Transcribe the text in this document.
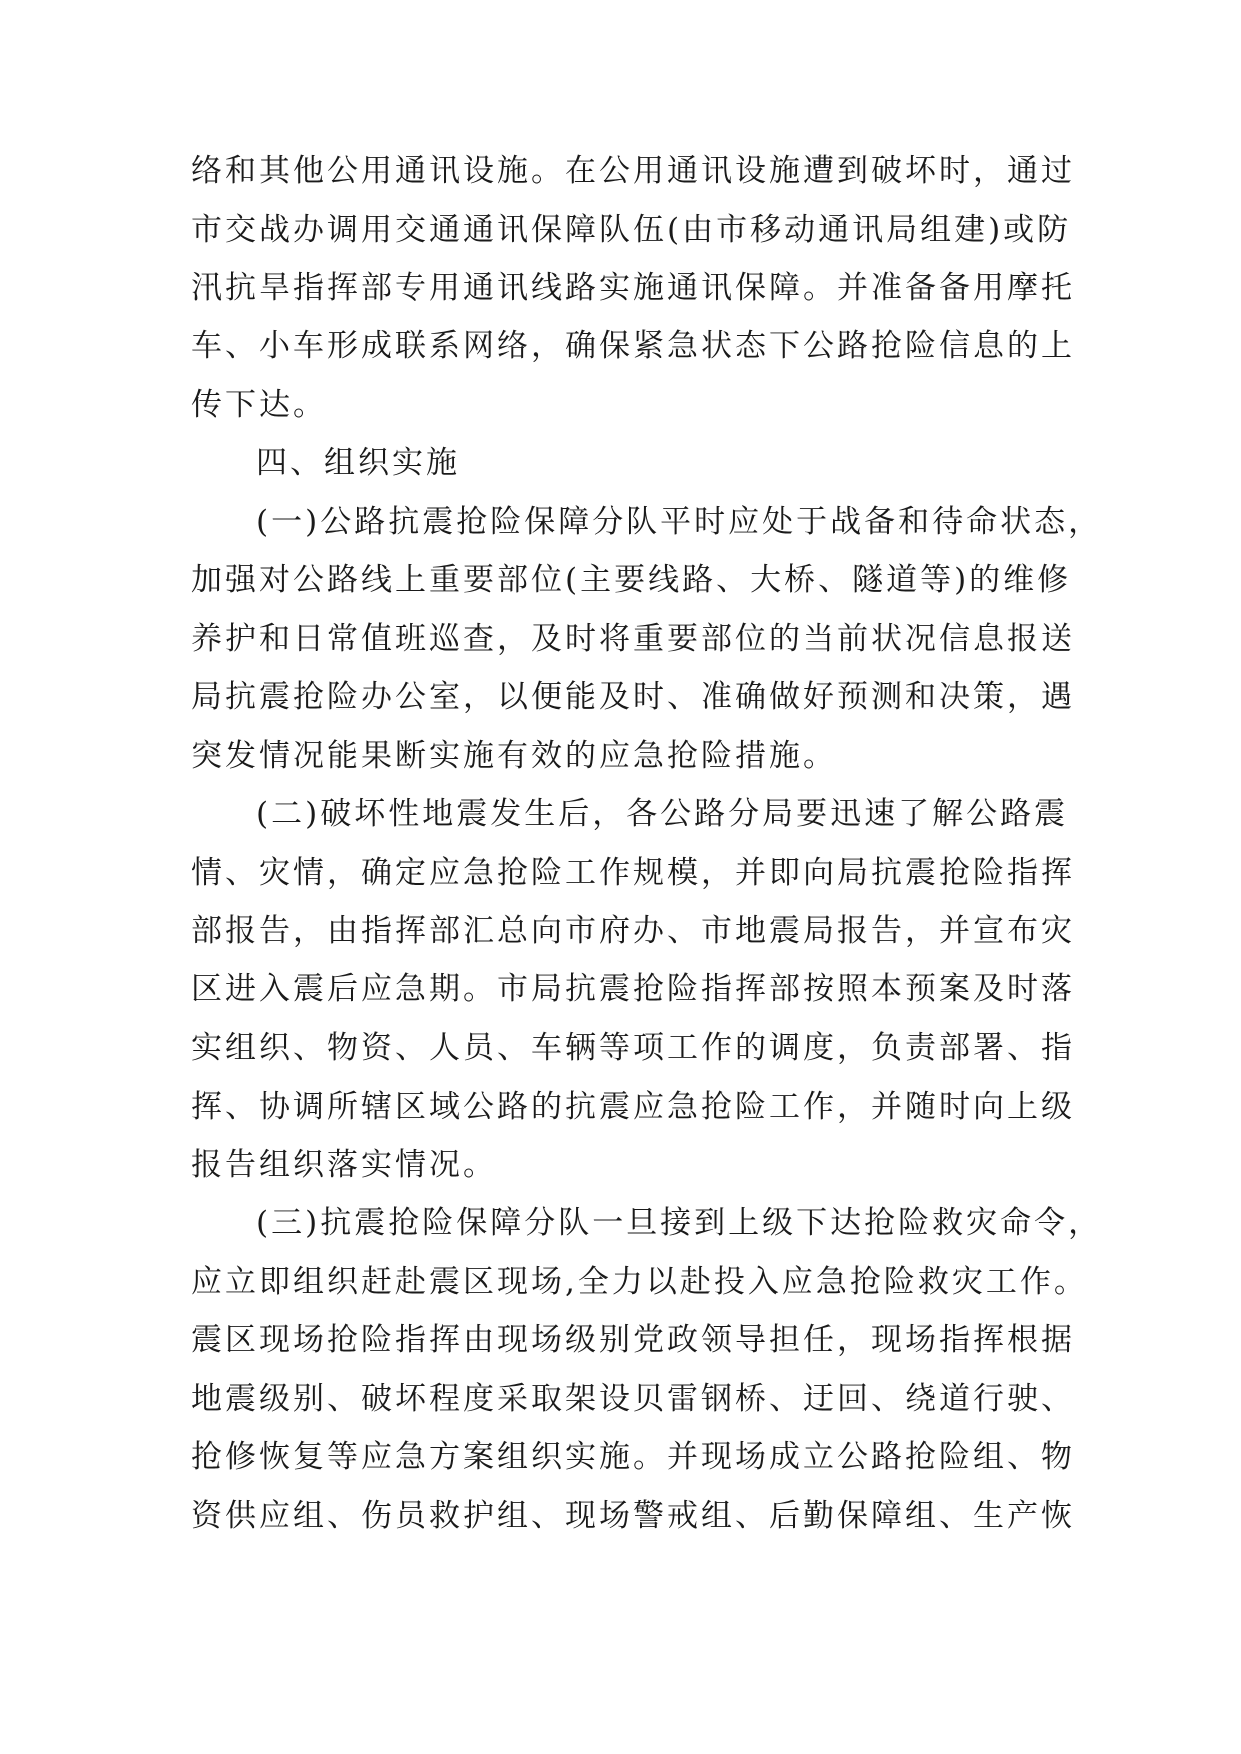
络和其他公用通讯设施。在公用通讯设施遭到破坏时，通过
市交战办调用交通通讯保障队伍(由市移动通讯局组建)或防
汛抗旱指挥部专用通讯线路实施通讯保障。并准备备用摩托
车、小车形成联系网络，确保紧急状态下公路抢险信息的上
传下达。
四、组织实施
(一)公路抗震抢险保障分队平时应处于战备和待命状态，
加强对公路线上重要部位(主要线路、大桥、隧道等)的维修
养护和日常值班巡查，及时将重要部位的当前状况信息报送
局抗震抢险办公室，以便能及时、准确做好预测和决策，遇
突发情况能果断实施有效的应急抢险措施。
(二)破坏性地震发生后，各公路分局要迅速了解公路震
情、灾情，确定应急抢险工作规模，并即向局抗震抢险指挥
部报告，由指挥部汇总向市府办、市地震局报告，并宣布灾
区进入震后应急期。市局抗震抢险指挥部按照本预案及时落
实组织、物资、人员、车辆等项工作的调度，负责部署、指
挥、协调所辖区域公路的抗震应急抢险工作，并随时向上级
报告组织落实情况。
(三)抗震抢险保障分队一旦接到上级下达抢险救灾命令，
应立即组织赶赴震区现场,全力以赴投入应急抢险救灾工作。
震区现场抢险指挥由现场级别党政领导担任，现场指挥根据
地震级别、破坏程度采取架设贝雷钢桥、迂回、绕道行驶、
抢修恢复等应急方案组织实施。并现场成立公路抢险组、物
资供应组、伤员救护组、现场警戒组、后勤保障组、生产恢
